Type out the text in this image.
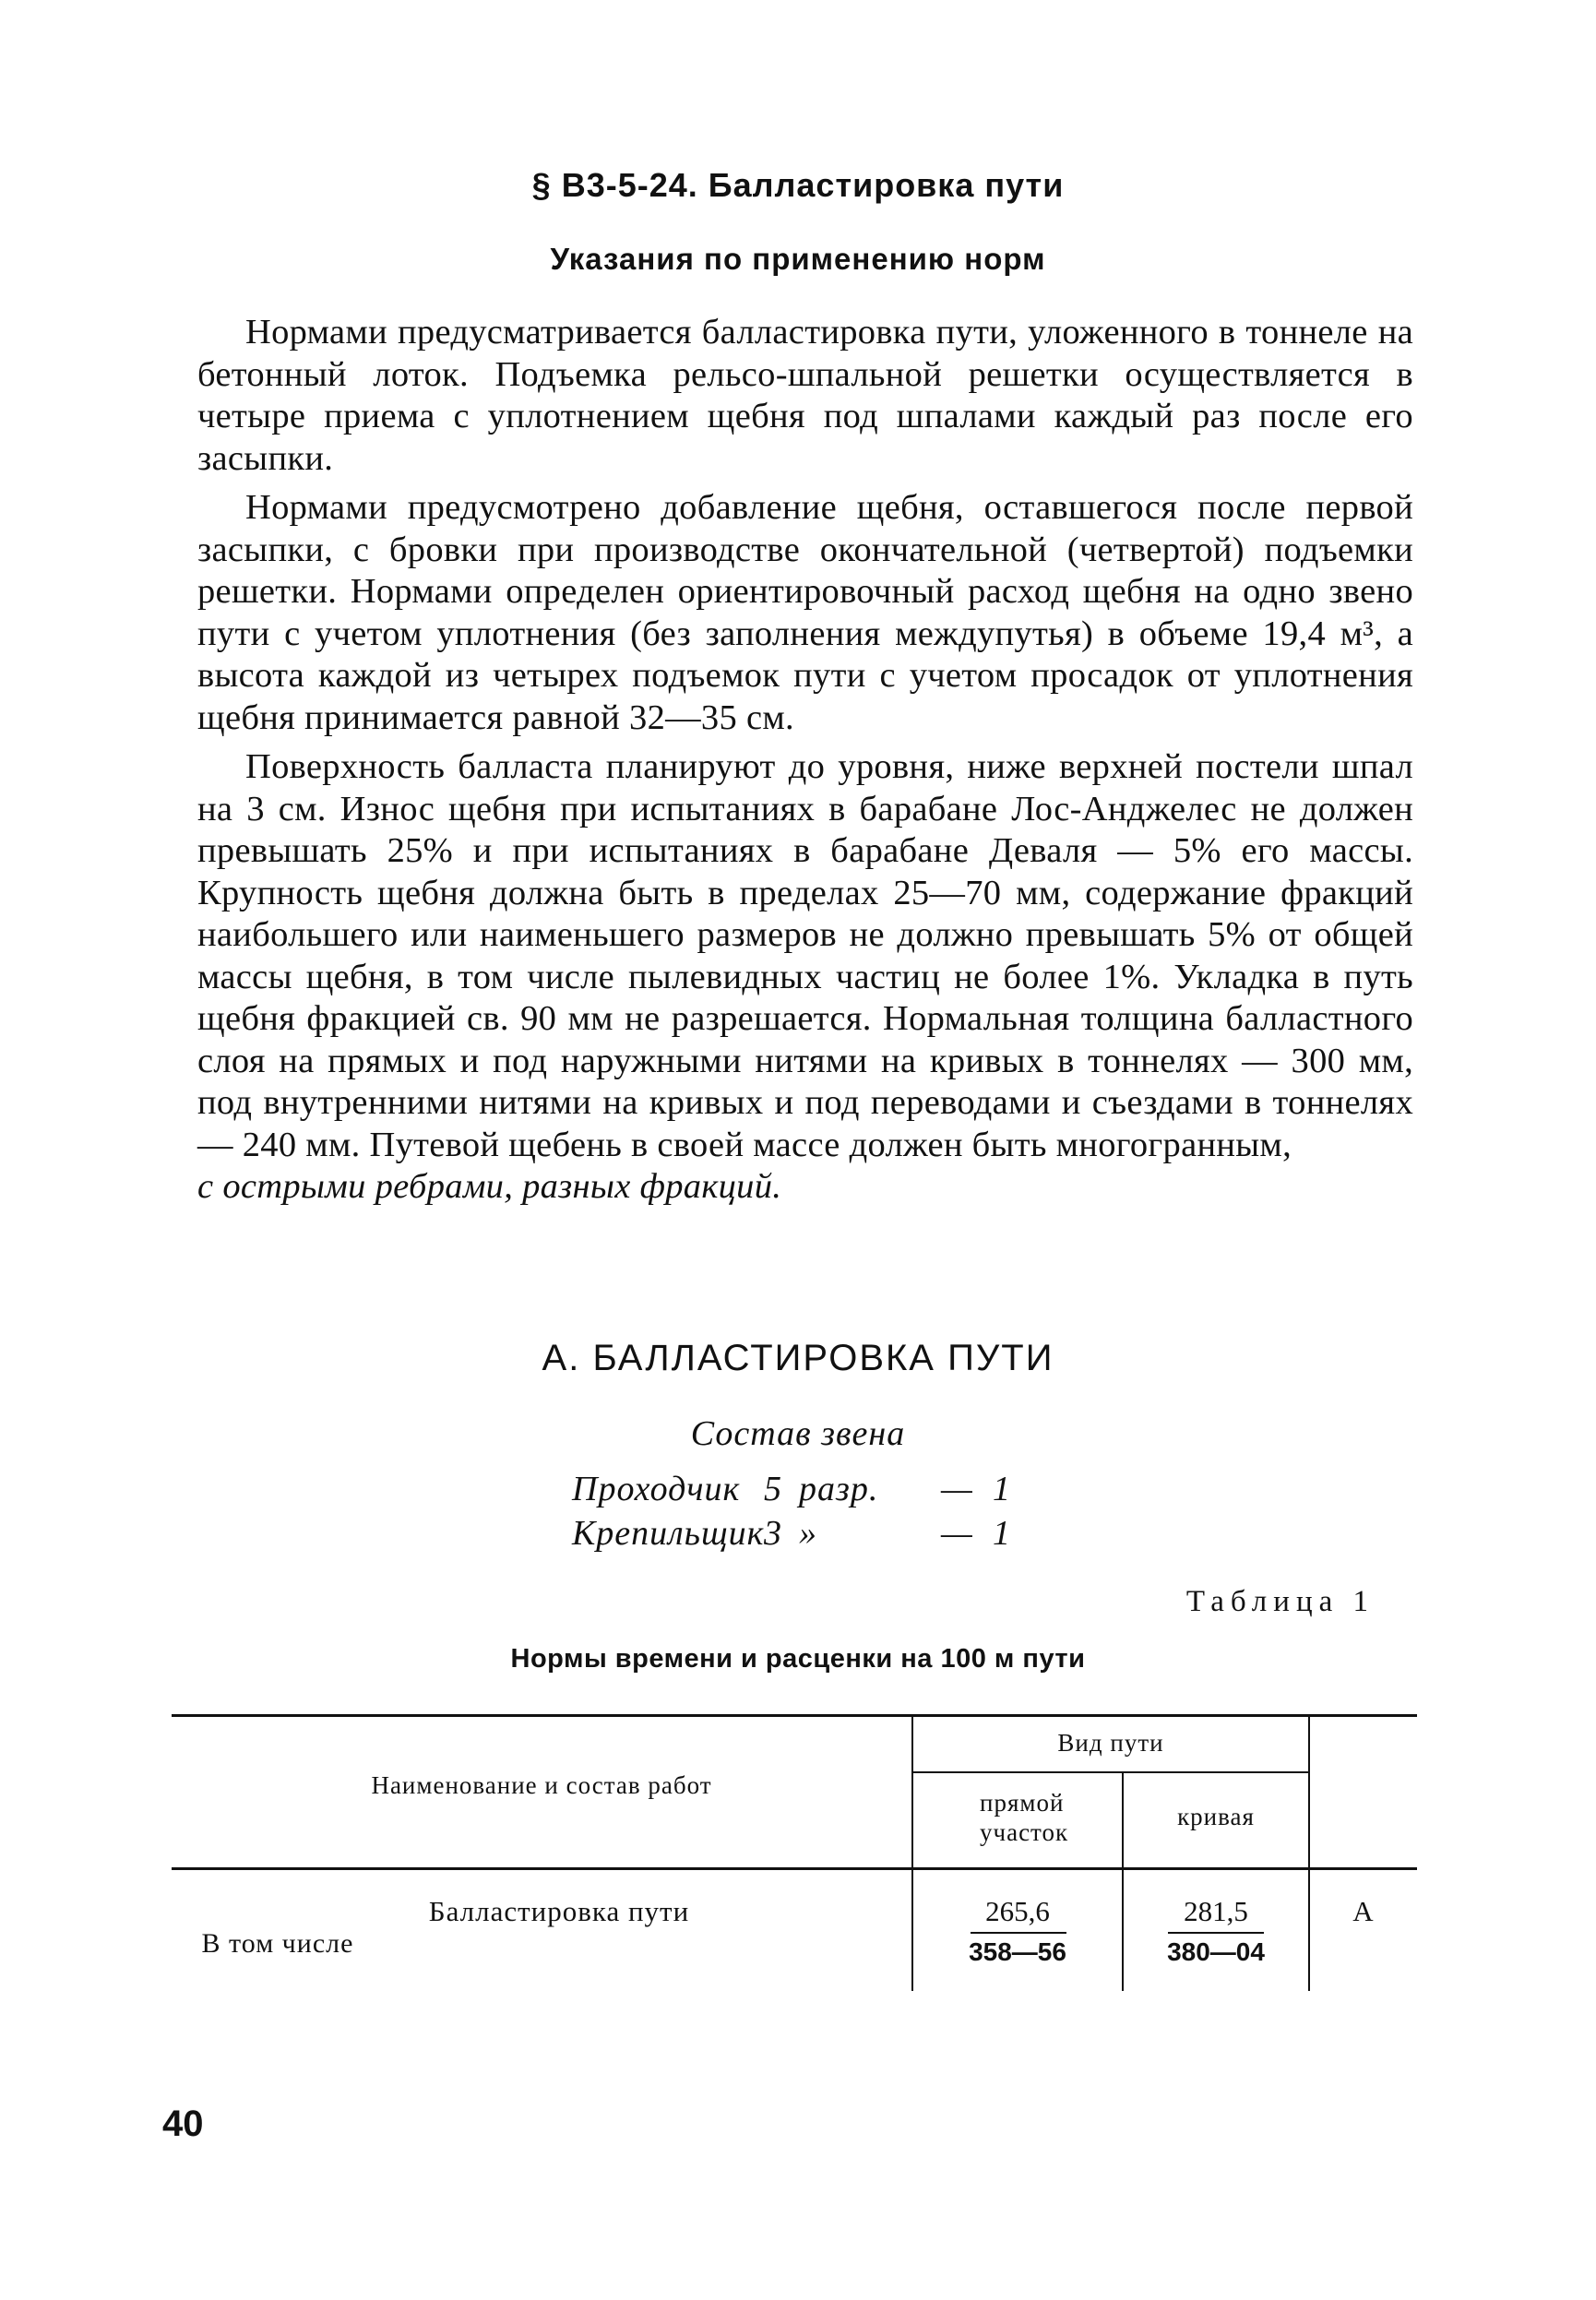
§ В3-5-24. Балластировка пути
Указания по применению норм

Нормами предусматривается балластировка пути, уложенного в тоннеле на бетонный лоток. Подъемка рельсо-шпальной решетки осуществляется в четыре приема с уплотнением щебня под шпалами каждый раз после его засыпки.

Нормами предусмотрено добавление щебня, оставшегося после первой засыпки, с бровки при производстве окончательной (четвертой) подъемки решетки. Нормами определен ориентировочный расход щебня на одно звено пути с учетом уплотнения (без заполнения междупутья) в объеме 19,4 м³, а высота каждой из четырех подъемок пути с учетом просадок от уплотнения щебня принимается равной 32—35 см.

Поверхность балласта планируют до уровня, ниже верхней постели шпал на 3 см. Износ щебня при испытаниях в барабане Лос-Анджелес не должен превышать 25% и при испытаниях в барабане Деваля — 5% его массы. Крупность щебня должна быть в пределах 25—70 мм, содержание фракций наибольшего или наименьшего размеров не должно превышать 5% от общей массы щебня, в том числе пылевидных частиц не более 1%. Укладка в путь щебня фракцией св. 90 мм не разрешается. Нормальная толщина балластного слоя на прямых и под наружными нитями на кривых в тоннелях — 300 мм, под внутренними нитями на кривых и под переводами и съездами в тоннелях — 240 мм. Путевой щебень в своей массе должен быть многогранным,

с острыми ребрами, разных фракций.

А. БАЛЛАСТИРОВКА ПУТИ
Состав звена
Проходчик 5 разр. — 1
Крепильщик 3 »	— 1
Таблица 1
Нормы времени и расценки на 100 м пути
Наименование и состав работ
Вид пути
прямой участок
кривая
Балластировка пути
В том числе
265,6
358—56
281,5
380—04
А
40
